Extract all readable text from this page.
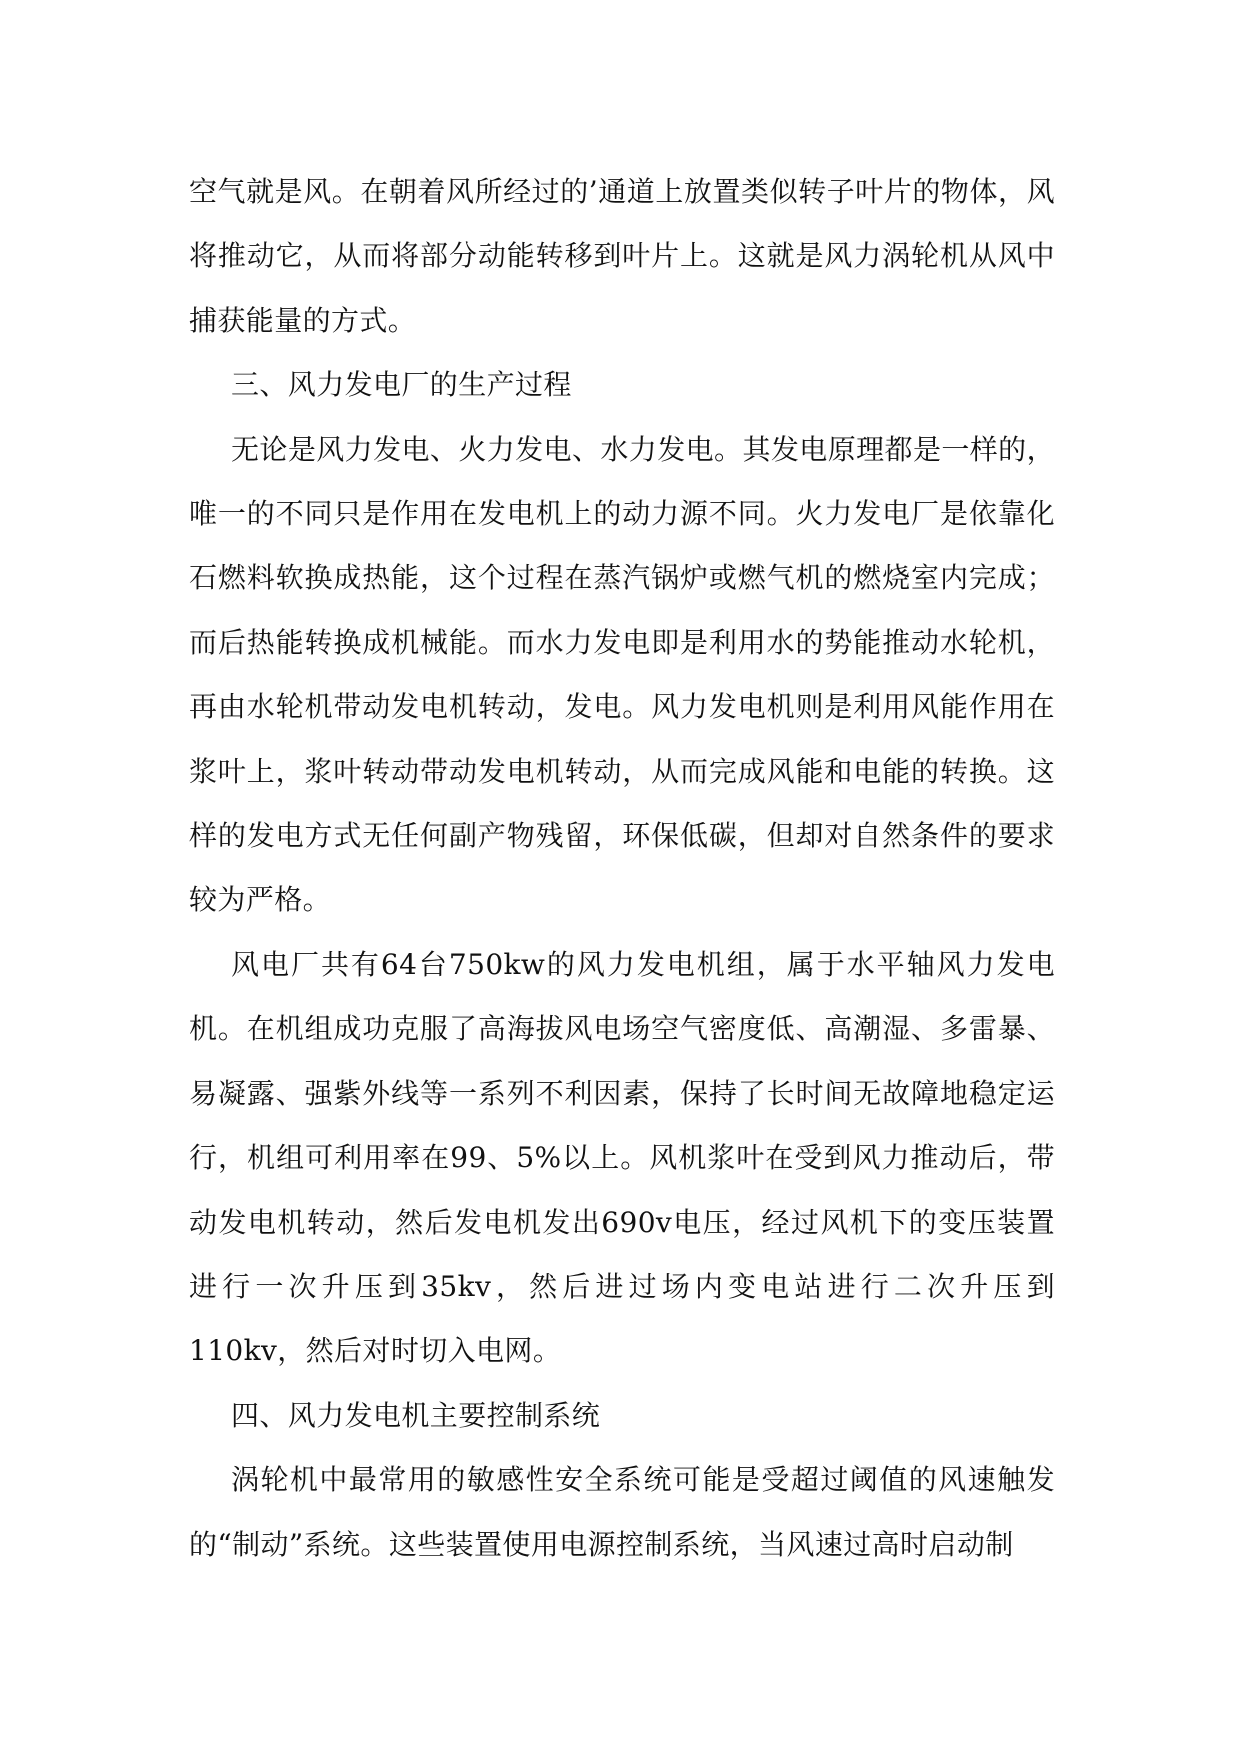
空气就是风。在朝着风所经过的’通道上放置类似转子叶片的物体，风将推动它，从而将部分动能转移到叶片上。这就是风力涡轮机从风中捕获能量的方式。

三、风力发电厂的生产过程

无论是风力发电、火力发电、水力发电。其发电原理都是一样的，唯一的不同只是作用在发电机上的动力源不同。火力发电厂是依靠化石燃料软换成热能，这个过程在蒸汽锅炉或燃气机的燃烧室内完成；而后热能转换成机械能。而水力发电即是利用水的势能推动水轮机，再由水轮机带动发电机转动，发电。风力发电机则是利用风能作用在浆叶上，浆叶转动带动发电机转动，从而完成风能和电能的转换。这样的发电方式无任何副产物残留，环保低碳，但却对自然条件的要求较为严格。

风电厂共有64台750kw的风力发电机组，属于水平轴风力发电机。在机组成功克服了高海拔风电场空气密度低、高潮湿、多雷暴、易凝露、强紫外线等一系列不利因素，保持了长时间无故障地稳定运行，机组可利用率在99、5%以上。风机浆叶在受到风力推动后，带动发电机转动，然后发电机发出690v电压，经过风机下的变压装置进行一次升压到35kv，然后进过场内变电站进行二次升压到110kv，然后对时切入电网。

四、风力发电机主要控制系统

涡轮机中最常用的敏感性安全系统可能是受超过阈值的风速触发的“制动”系统。这些装置使用电源控制系统，当风速过高时启动制
